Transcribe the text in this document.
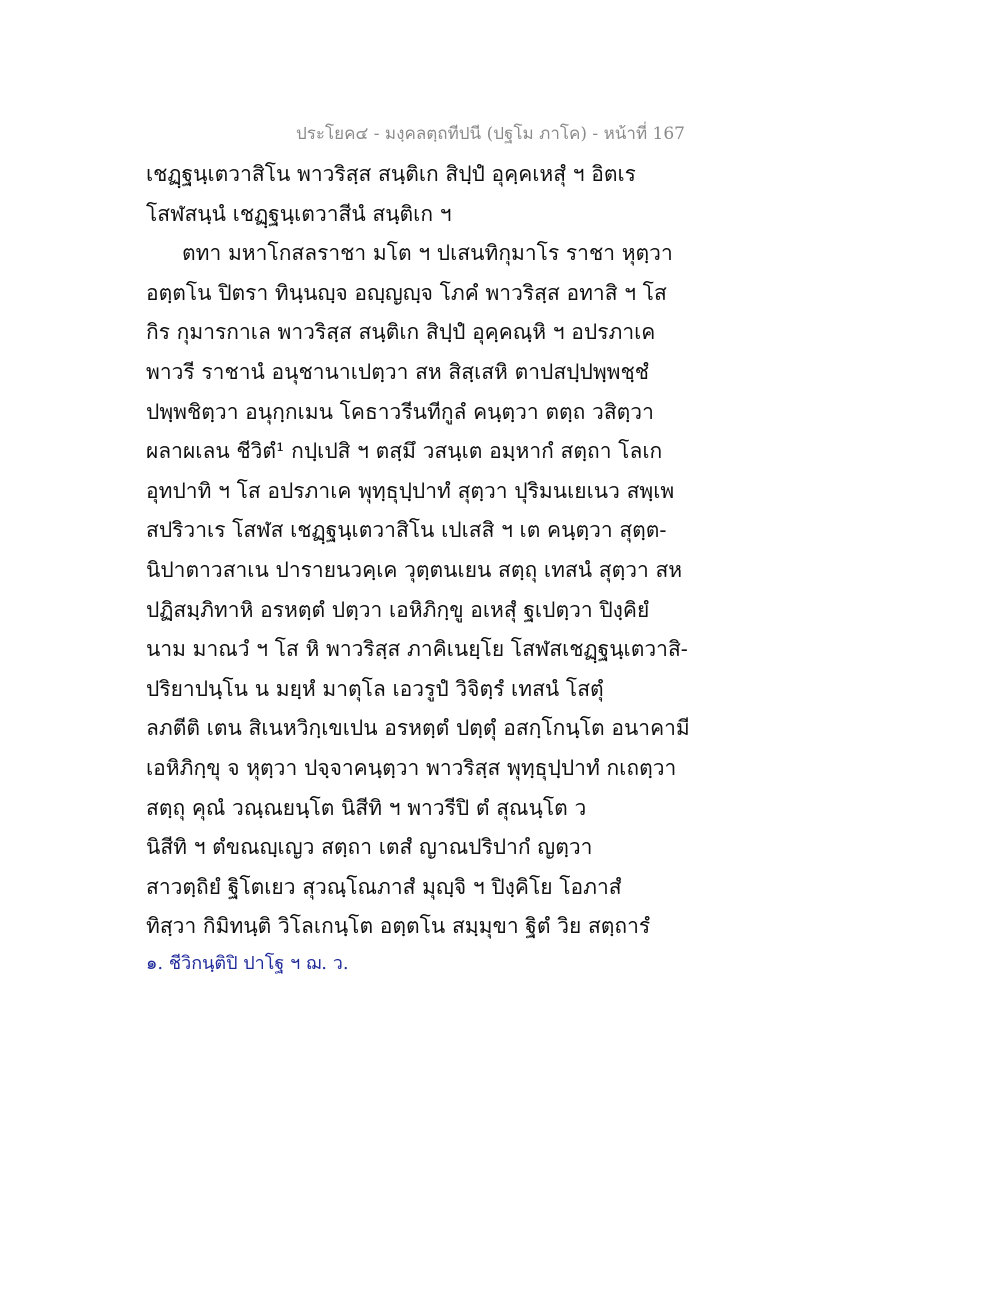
ประโยค๔ - มงฺคลตฺถทีปนี (ปฐโม ภาโค) - หน้าที่ 167
เชฏฺฐนฺเตวาสิโน พาวริสฺส สนฺติเก สิปฺปํ อุคฺคเหสุํ ฯ อิตเร
โสฬสนฺนํ เชฏฺฐนฺเตวาสีนํ สนฺติเก ฯ
ตทา มหาโกสลราชา มโต ฯ ปเสนทิกุมาโร ราชา หุตฺวา
อตฺตโน ปิตรา ทินฺนญฺจ อญฺญญฺจ โภคํ พาวริสฺส อทาสิ ฯ โส
กิร กุมารกาเล พาวริสฺส สนฺติเก สิปฺปํ อุคฺคณฺหิ ฯ อปรภาเค
พาวรี ราชานํ อนุชานาเปตฺวา สห สิสฺเสหิ ตาปสปฺปพฺพชฺชํ
ปพฺพชิตฺวา อนุกฺกเมน โคธาวรีนทีกูลํ คนฺตฺวา ตตฺถ วสิตฺวา
ผลาผเลน ชีวิตํ¹ กปฺเปสิ ฯ ตสฺมึ วสนฺเต อมฺหากํ สตฺถา โลเก
อุทปาทิ ฯ โส อปรภาเค พุทฺธุปฺปาทํ สุตฺวา ปุริมนเยเนว สพฺเพ
สปริวาเร โสฬส เชฏฺฐนฺเตวาสิโน เปเสสิ ฯ เต คนฺตฺวา สุตฺต-
นิปาตาวสาเน ปารายนวคฺเค วุตฺตนเยน สตฺถุ เทสนํ สุตฺวา สห
ปฏิสมฺภิทาหิ อรหตฺตํ ปตฺวา เอหิภิกฺขู อเหสุํ ฐเปตฺวา ปิงฺคิยํ
นาม มาณวํ ฯ โส หิ พาวริสฺส ภาคิเนยฺโย โสฬสเชฏฺฐนฺเตวาสิ-
ปริยาปนฺโน น มยฺหํ มาตุโล เอวรูปํ วิจิตฺรํ เทสนํ โสตุํ
ลภตีติ เตน สิเนหวิกฺเขเปน อรหตฺตํ ปตฺตุํ อสกฺโกนฺโต อนาคามี
เอหิภิกฺขุ จ หุตฺวา ปจฺจาคนฺตฺวา พาวริสฺส พุทฺธุปฺปาทํ กเถตฺวา
สตฺถุ คุณํ วณฺณยนฺโต นิสีทิ ฯ พาวรีปิ ตํ สุณนฺโต ว
นิสีทิ ฯ ตํขณญฺเญว สตฺถา เตสํ ญาณปริปากํ ญตฺวา
สาวตฺถิยํ ฐิโตเยว สุวณฺโณภาสํ มุญฺจิ ฯ ปิงฺคิโย โอภาสํ
ทิสฺวา กิมิทนฺติ วิโลเกนฺโต อตฺตโน สมฺมุขา ฐิตํ วิย สตฺถารํ
๑. ชีวิกนฺติปิ ปาโฐ ฯ ฌ. ว.
